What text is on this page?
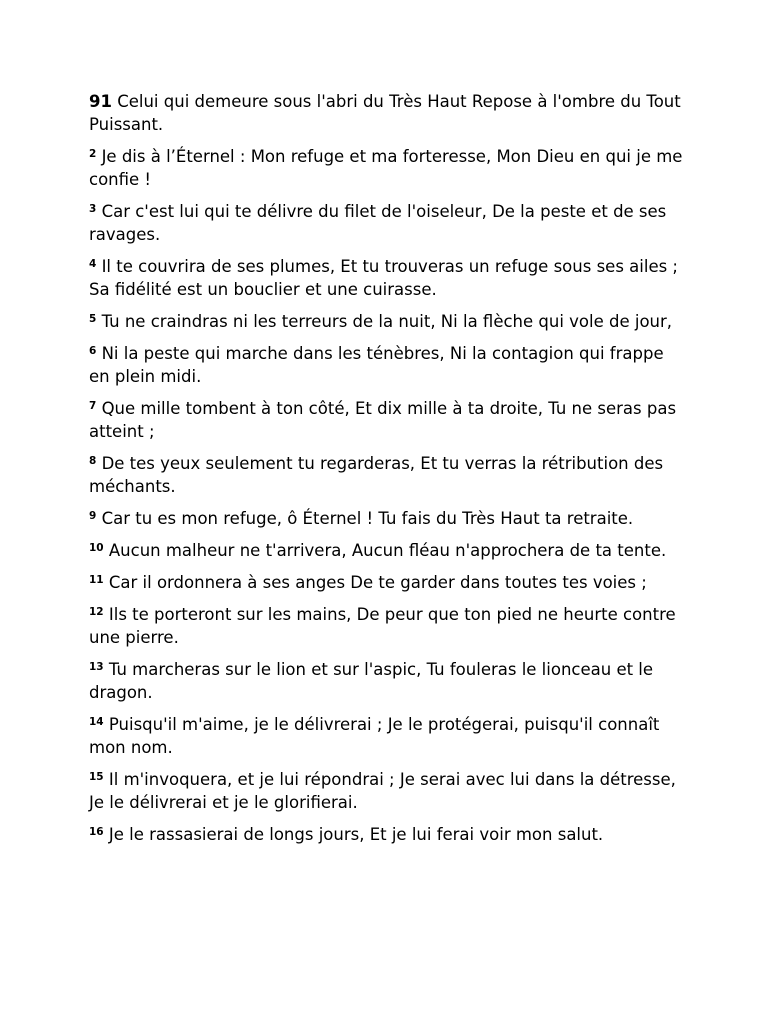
91 Celui qui demeure sous l'abri du Très Haut Repose à l'ombre du Tout Puissant.

$^2$ Je dis à l’Éternel : Mon refuge et ma forteresse, Mon Dieu en qui je me confie !

$^3$ Car c'est lui qui te délivre du filet de l'oiseleur, De la peste et de ses ravages.

$^4$ Il te couvrira de ses plumes, Et tu trouveras un refuge sous ses ailes ; Sa fidélité est un bouclier et une cuirasse.

$^5$ Tu ne craindras ni les terreurs de la nuit, Ni la flèche qui vole de jour,

$^6$ Ni la peste qui marche dans les ténèbres, Ni la contagion qui frappe en plein midi.

$^7$ Que mille tombent à ton côté, Et dix mille à ta droite, Tu ne seras pas atteint ;

$^8$ De tes yeux seulement tu regarderas, Et tu verras la rétribution des méchants.

$^9$ Car tu es mon refuge, ô Éternel ! Tu fais du Très Haut ta retraite.

$^{10}$ Aucun malheur ne t'arrivera, Aucun fléau n'approchera de ta tente.

$^{11}$ Car il ordonnera à ses anges De te garder dans toutes tes voies ;

$^{12}$ Ils te porteront sur les mains, De peur que ton pied ne heurte contre une pierre.

$^{13}$ Tu marcheras sur le lion et sur l'aspic, Tu fouleras le lionceau et le dragon.

$^{14}$ Puisqu'il m'aime, je le délivrerai ; Je le protégerai, puisqu'il connaît mon nom.

$^{15}$ Il m'invoquera, et je lui répondrai ; Je serai avec lui dans la détresse, Je le délivrerai et je le glorifierai.

$^{16}$ Je le rassasierai de longs jours, Et je lui ferai voir mon salut.
